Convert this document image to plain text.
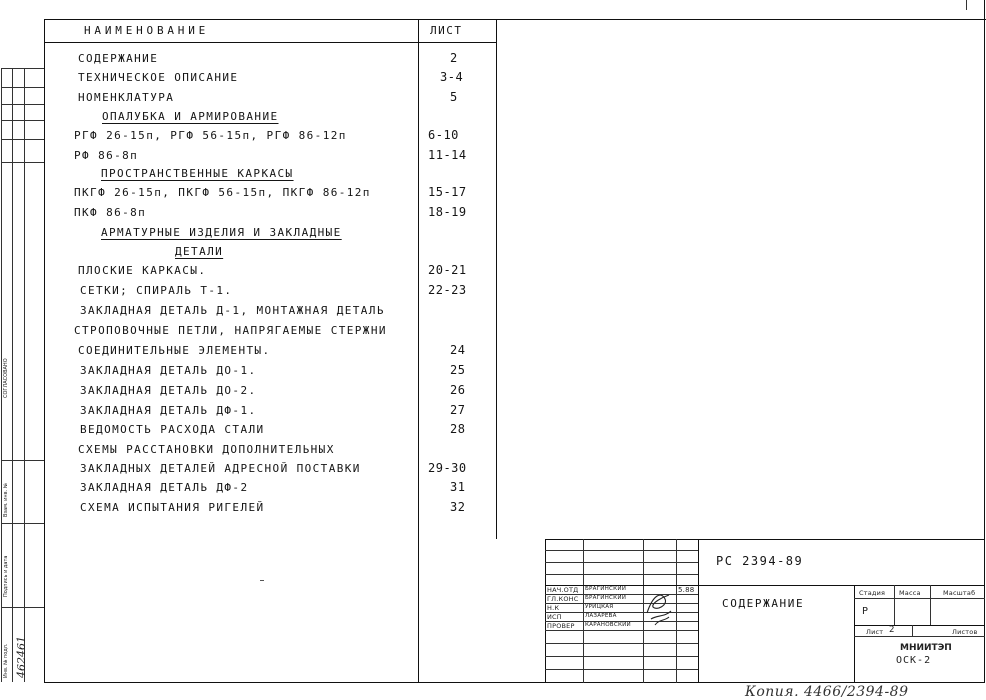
НАИМЕНОВАНИЕ	ЛИСТ
СОДЕРЖАНИЕ	2
ТЕХНИЧЕСКОЕ ОПИСАНИЕ	3-4
НОМЕНКЛАТУРА	5
ОПАЛУБКА И АРМИРОВАНИЕ
РГФ 26-15п, РГФ 56-15п, РГФ 86-12п	6-10
РФ 86-8п	11-14
ПРОСТРАНСТВЕННЫЕ КАРКАСЫ
ПКГФ 26-15п, ПКГФ 56-15п, ПКГФ 86-12п	15-17
ПКФ 86-8п	18-19
АРМАТУРНЫЕ ИЗДЕЛИЯ И ЗАКЛАДНЫЕ
ДЕТАЛИ
ПЛОСКИЕ КАРКАСЫ.	20-21
СЕТКИ; СПИРАЛЬ Т-1.	22-23
ЗАКЛАДНАЯ ДЕТАЛЬ Д-1, МОНТАЖНАЯ ДЕТАЛЬ
СТРОПОВОЧНЫЕ ПЕТЛИ, НАПРЯГАЕМЫЕ СТЕРЖНИ
СОЕДИНИТЕЛЬНЫЕ ЭЛЕМЕНТЫ.	24
ЗАКЛАДНАЯ ДЕТАЛЬ ДО-1.	25
ЗАКЛАДНАЯ ДЕТАЛЬ ДО-2.	26
ЗАКЛАДНАЯ ДЕТАЛЬ ДФ-1.	27
ВЕДОМОСТЬ РАСХОДА СТАЛИ	28
СХЕМЫ РАССТАНОВКИ ДОПОЛНИТЕЛЬНЫХ
ЗАКЛАДНЫХ ДЕТАЛЕЙ АДРЕСНОЙ ПОСТАВКИ	29-30
ЗАКЛАДНАЯ ДЕТАЛЬ ДФ-2	31
СХЕМА ИСПЫТАНИЯ РИГЕЛЕЙ	32
СОГЛАСОВАНО
Взам. инв. №
Подпись и дата
Инв. № подл. 462461
РС 2394-89
СОДЕРЖАНИЕ
Стадия Масса	Масштаб
Р
Лист 2	Листов
МНИИТЭП
ОСК-2
НАЧ.ОТД
ГЛ.КОНС
Н.К
ИСП
ПРОВЕР
БРАГИНСКИЙ
БРАГИНСКИЙ
УРИЦКАЯ
ЛАЗАРЕВА
КАРАНОВСКИЙ
5.88
Копия. 4466/2394-89
